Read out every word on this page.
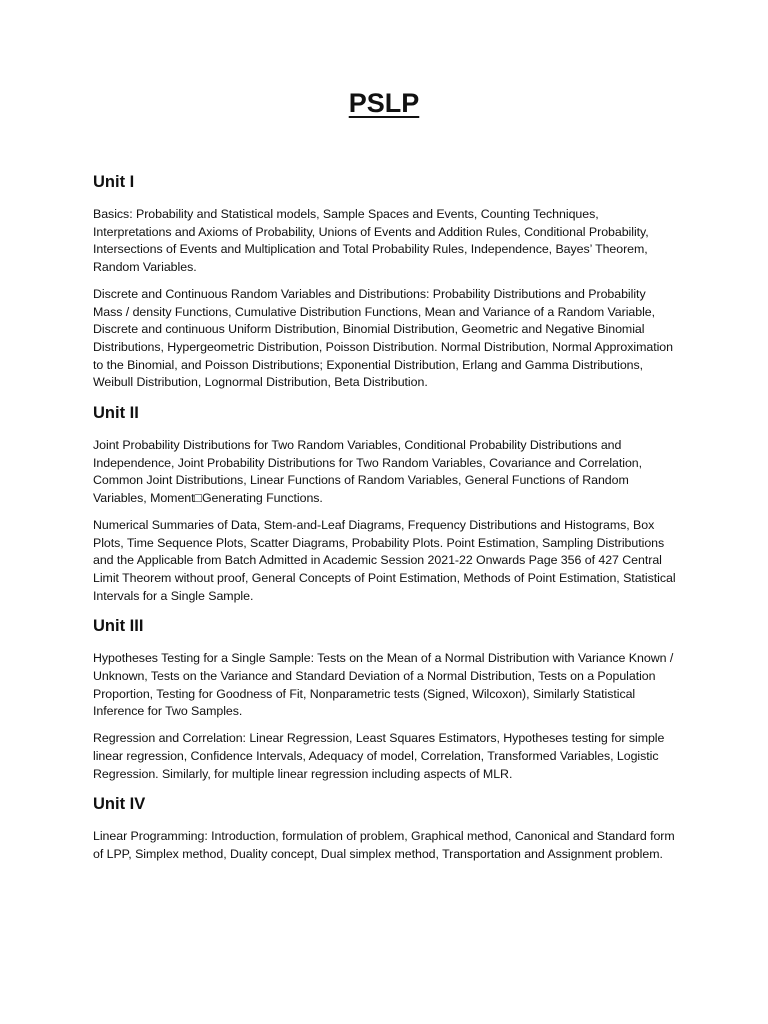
PSLP
Unit I

Basics: Probability and Statistical models, Sample Spaces and Events, Counting Techniques, Interpretations and Axioms of Probability, Unions of Events and Addition Rules, Conditional Probability, Intersections of Events and Multiplication and Total Probability Rules, Independence, Bayes’ Theorem, Random Variables.

Discrete and Continuous Random Variables and Distributions: Probability Distributions and Probability Mass / density Functions, Cumulative Distribution Functions, Mean and Variance of a Random Variable, Discrete and continuous Uniform Distribution, Binomial Distribution, Geometric and Negative Binomial Distributions, Hypergeometric Distribution, Poisson Distribution. Normal Distribution, Normal Approximation to the Binomial, and Poisson Distributions; Exponential Distribution, Erlang and Gamma Distributions, Weibull Distribution, Lognormal Distribution, Beta Distribution.

Unit II

Joint Probability Distributions for Two Random Variables, Conditional Probability Distributions and Independence, Joint Probability Distributions for Two Random Variables, Covariance and Correlation, Common Joint Distributions, Linear Functions of Random Variables, General Functions of Random Variables, Moment□Generating Functions.

Numerical Summaries of Data, Stem-and-Leaf Diagrams, Frequency Distributions and Histograms, Box Plots, Time Sequence Plots, Scatter Diagrams, Probability Plots. Point Estimation, Sampling Distributions and the Applicable from Batch Admitted in Academic Session 2021-22 Onwards Page 356 of 427 Central Limit Theorem without proof, General Concepts of Point Estimation, Methods of Point Estimation, Statistical Intervals for a Single Sample.

Unit III

Hypotheses Testing for a Single Sample: Tests on the Mean of a Normal Distribution with Variance Known / Unknown, Tests on the Variance and Standard Deviation of a Normal Distribution, Tests on a Population Proportion, Testing for Goodness of Fit, Nonparametric tests (Signed, Wilcoxon), Similarly Statistical Inference for Two Samples.

Regression and Correlation: Linear Regression, Least Squares Estimators, Hypotheses testing for simple linear regression, Confidence Intervals, Adequacy of model, Correlation, Transformed Variables, Logistic Regression. Similarly, for multiple linear regression including aspects of MLR.

Unit IV

Linear Programming: Introduction, formulation of problem, Graphical method, Canonical and Standard form of LPP, Simplex method, Duality concept, Dual simplex method, Transportation and Assignment problem.
